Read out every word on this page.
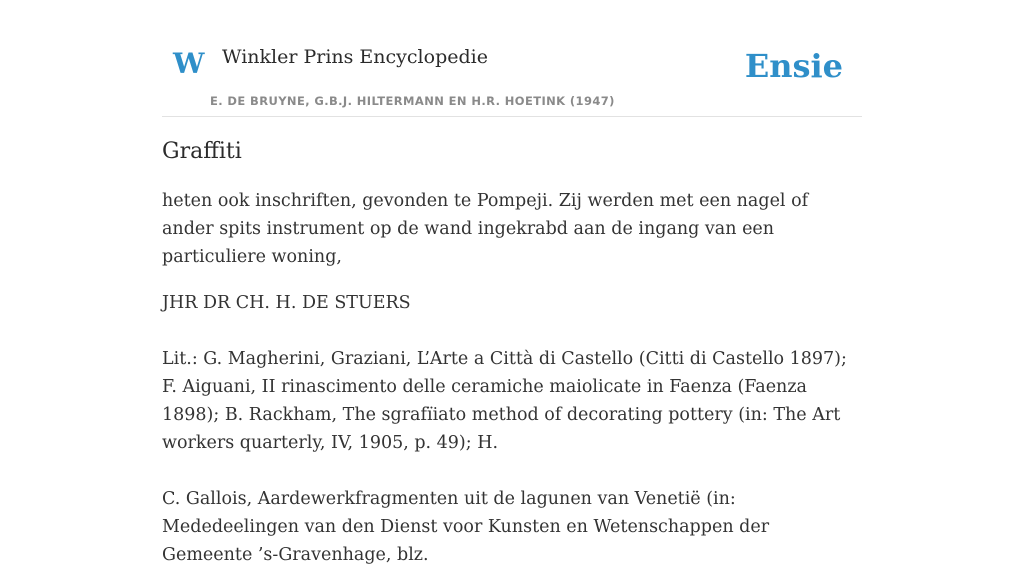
W Winkler Prins Encyclopedie
E. DE BRUYNE, G.B.J. HILTERMANN EN H.R. HOETINK (1947)
Ensie
Graffiti

heten ook inschriften, gevonden te Pompeji. Zij werden met een nagel of ander spits instrument op de wand ingekrabd aan de ingang van een particuliere woning,

JHR DR CH. H. DE STUERS

Lit.: G. Magherini, Graziani, L’Arte a Città di Castello (Citti di Castello 1897); F. Aiguani, II rinascimento delle ceramiche maiolicate in Faenza (Faenza 1898); B. Rackham, The sgrafïiato method of decorating pottery (in: The Art workers quarterly, IV, 1905, p. 49); H.

C. Gallois, Aardewerkfragmenten uit de lagunen van Venetië (in: Mededeelingen van den Dienst voor Kunsten en Wetenschappen der Gemeente ’s-Gravenhage, blz.
